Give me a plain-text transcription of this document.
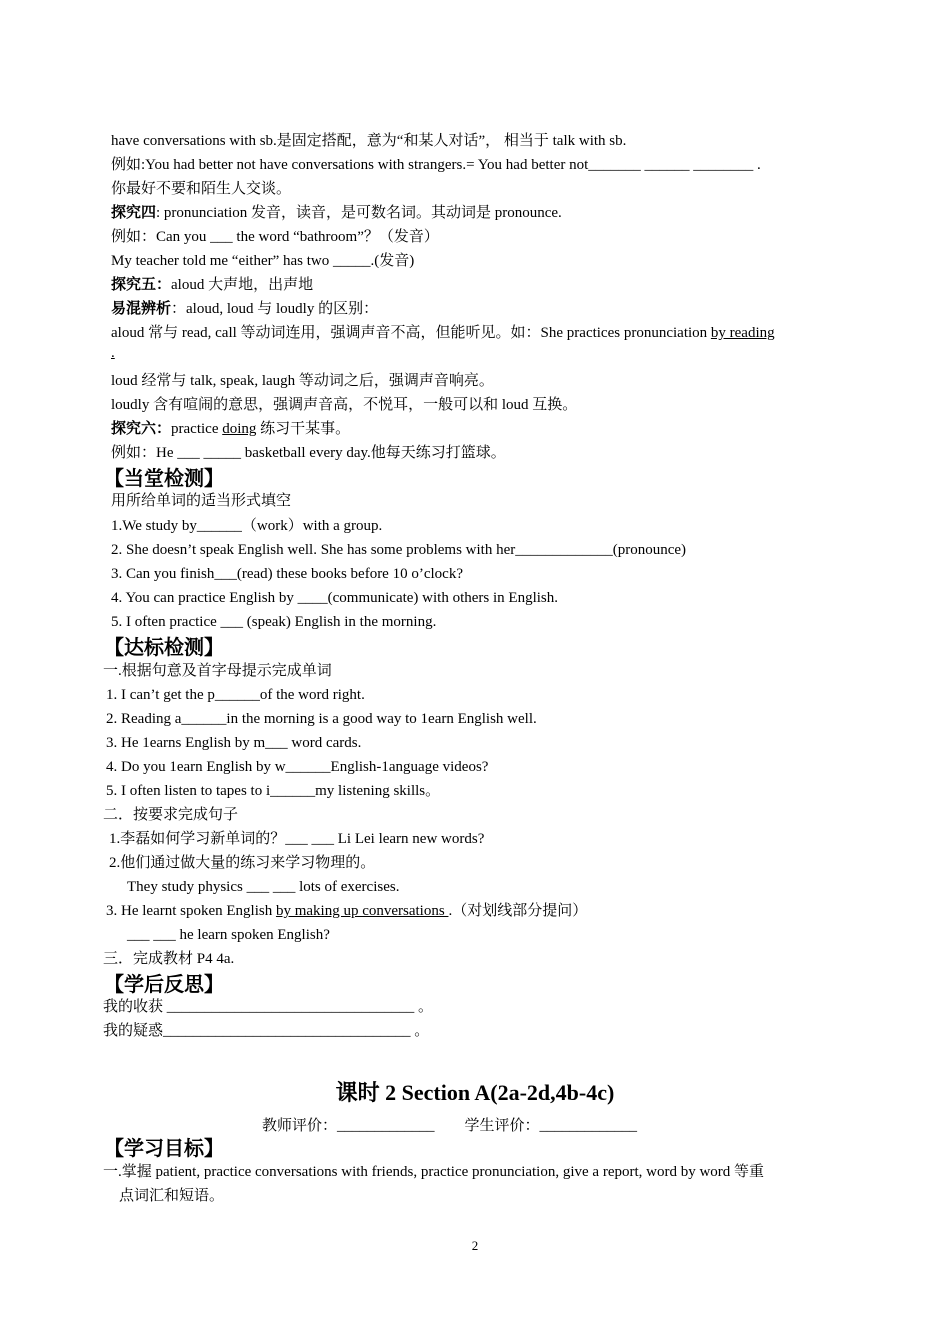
have conversations with sb.是固定搭配，意为“和某人对话”， 相当于 talk with sb.
例如:You had better not have conversations with strangers.= You had better not_______ ______ ________ .
你最好不要和陌生人交谈。
探究四: pronunciation 发音，读音，是可数名词。其动词是 pronounce.
例如：Can you ___ the word “bathroom”？（发音）
My teacher told me “either” has two _____.(发音)
探究五：aloud 大声地，出声地
易混辨析：aloud, loud 与 loudly 的区别：
aloud 常与 read, call 等动词连用，强调声音不高，但能听见。如：She practices pronunciation by reading
.
loud 经常与 talk, speak, laugh 等动词之后，强调声音响亮。
loudly 含有喧闹的意思，强调声音高，不悦耳，一般可以和 loud 互换。
探究六：practice doing 练习干某事。
例如：He ___ _____ basketball every day.他每天练习打篮球。
【当堂检测】
用所给单词的适当形式填空
1.We study by______（work）with a group.
2. She doesn’t speak English well. She has some problems with her_____________(pronounce)
3. Can you finish___(read) these books before 10 o’clock?
4. You can practice English by ____(communicate) with others in English.
5. I often practice ___ (speak) English in the morning.
【达标检测】
一.根据句意及首字母提示完成单词
1. I can’t get the p______of the word right.
2. Reading a______in the morning is a good way to 1earn English well.
3. He 1earns English by m___ word cards.
4. Do you 1earn English by w______English-1anguage videos?
5. I often listen to tapes to i______my listening skills。
二．按要求完成句子
1.李磊如何学习新单词的？___ ___ Li Lei learn new words?
2.他们通过做大量的练习来学习物理的。
They study physics ___ ___ lots of exercises.
3. He learnt spoken English by making up conversations .（对划线部分提问）
___ ___ he learn spoken English?
三．完成教材 P4 4a.
【学后反思】
我的收获 _________________________________ 。
我的疑惑_________________________________ 。
课时 2 Section A(2a-2d,4b-4c)
教师评价：_____________        学生评价：_____________
【学习目标】
一.掌握 patient, practice conversations with friends, practice pronunciation, give a report, word by word 等重
点词汇和短语。
2
